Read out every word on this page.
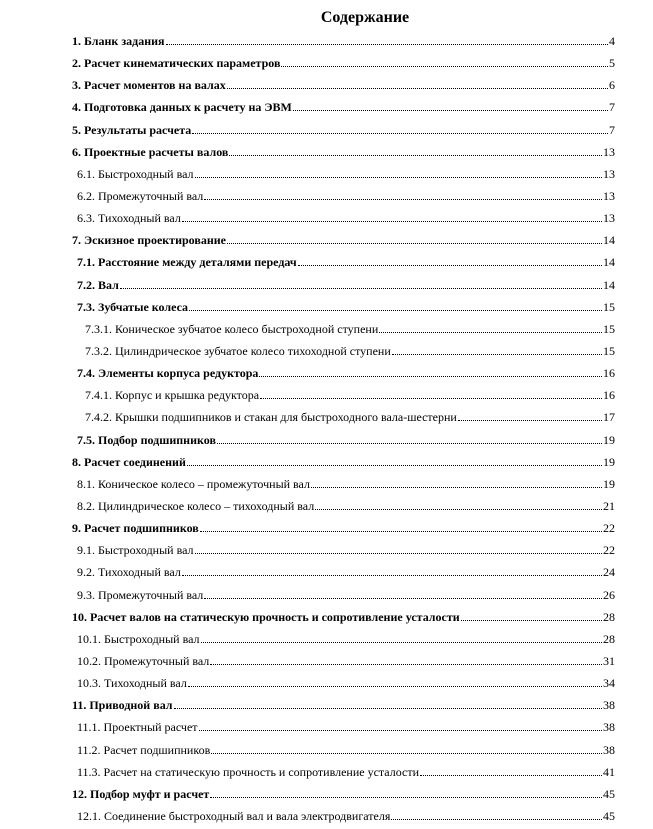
Содержание
1. Бланк задания	4
2. Расчет кинематических параметров	5
3. Расчет моментов на валах	6
4. Подготовка данных к расчету на ЭВМ	7
5. Результаты расчета	7
6. Проектные расчеты валов	13
6.1. Быстроходный вал	13
6.2. Промежуточный вал	13
6.3. Тихоходный вал	13
7. Эскизное проектирование	14
7.1. Расстояние между деталями передач	14
7.2. Вал	14
7.3. Зубчатые колеса	15
7.3.1. Коническое зубчатое колесо быстроходной ступени	15
7.3.2. Цилиндрическое зубчатое колесо тихоходной ступени	15
7.4. Элементы корпуса редуктора	16
7.4.1. Корпус и крышка редуктора	16
7.4.2. Крышки подшипников и стакан для быстроходного вала-шестерни	17
7.5. Подбор подшипников	19
8. Расчет соединений	19
8.1. Коническое колесо – промежуточный вал	19
8.2. Цилиндрическое колесо – тихоходный вал	21
9. Расчет подшипников	22
9.1. Быстроходный вал	22
9.2. Тихоходный вал	24
9.3. Промежуточный вал	26
10. Расчет валов на статическую прочность и сопротивление усталости	28
10.1. Быстроходный вал	28
10.2. Промежуточный вал	31
10.3. Тихоходный вал	34
11. Приводной вал	38
11.1. Проектный расчет	38
11.2. Расчет подшипников	38
11.3. Расчет на статическую прочность и сопротивление усталости	41
12. Подбор муфт и расчет	45
12.1. Соединение быстроходный вал и вала электродвигателя	45
